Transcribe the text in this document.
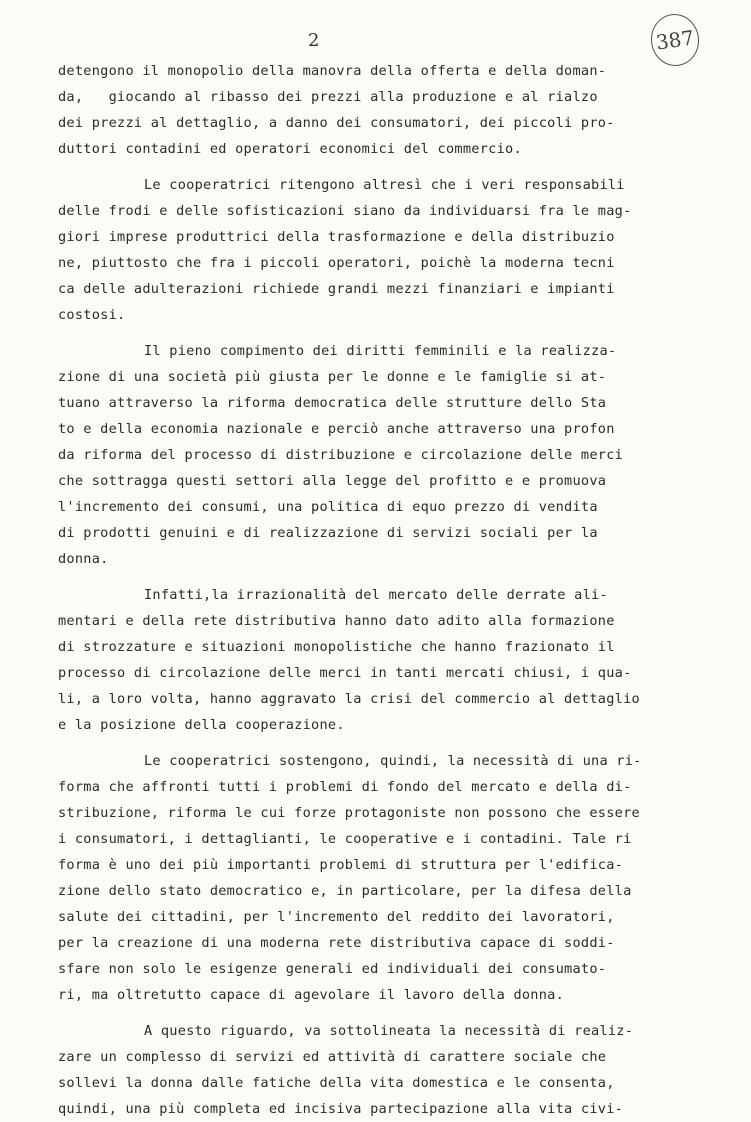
2	387
detengono il monopolio della manovra della offerta e della doman-
da,   giocando al ribasso dei prezzi alla produzione e al rialzo
dei prezzi al dettaglio, a danno dei consumatori, dei piccoli pro-
duttori contadini ed operatori economici del commercio.
Le cooperatrici ritengono altresì che i veri responsabili
delle frodi e delle sofisticazioni siano da individuarsi fra le mag-
giori imprese produttrici della trasformazione e della distribuzio
ne, piuttosto che fra i piccoli operatori, poichè la moderna tecni
ca delle adulterazioni richiede grandi mezzi finanziari e impianti
costosi.
Il pieno compimento dei diritti femminili e la realizza-
zione di una società più giusta per le donne e le famiglie si at-
tuano attraverso la riforma democratica delle strutture dello Sta
to e della economia nazionale e perciò anche attraverso una profon
da riforma del processo di distribuzione e circolazione delle merci
che sottragga questi settori alla legge del profitto e e promuova
l'incremento dei consumi, una politica di equo prezzo di vendita
di prodotti genuini e di realizzazione di servizi sociali per la
donna.
Infatti,la irrazionalità del mercato delle derrate ali-
mentari e della rete distributiva hanno dato adito alla formazione
di strozzature e situazioni monopolistiche che hanno frazionato il
processo di circolazione delle merci in tanti mercati chiusi, i qua-
li, a loro volta, hanno aggravato la crisi del commercio al dettaglio
e la posizione della cooperazione.
Le cooperatrici sostengono, quindi, la necessità di una ri-
forma che affronti tutti i problemi di fondo del mercato e della di-
stribuzione, riforma le cui forze protagoniste non possono che essere
i consumatori, i dettaglianti, le cooperative e i contadini. Tale ri
forma è uno dei più importanti problemi di struttura per l'edifica-
zione dello stato democratico e, in particolare, per la difesa della
salute dei cittadini, per l'incremento del reddito dei lavoratori,
per la creazione di una moderna rete distributiva capace di soddi-
sfare non solo le esigenze generali ed individuali dei consumato-
ri, ma oltretutto capace di agevolare il lavoro della donna.
A questo riguardo, va sottolineata la necessità di realiz-
zare un complesso di servizi ed attività di carattere sociale che
sollevi la donna dalle fatiche della vita domestica e le consenta,
quindi, una più completa ed incisiva partecipazione alla vita civi-
